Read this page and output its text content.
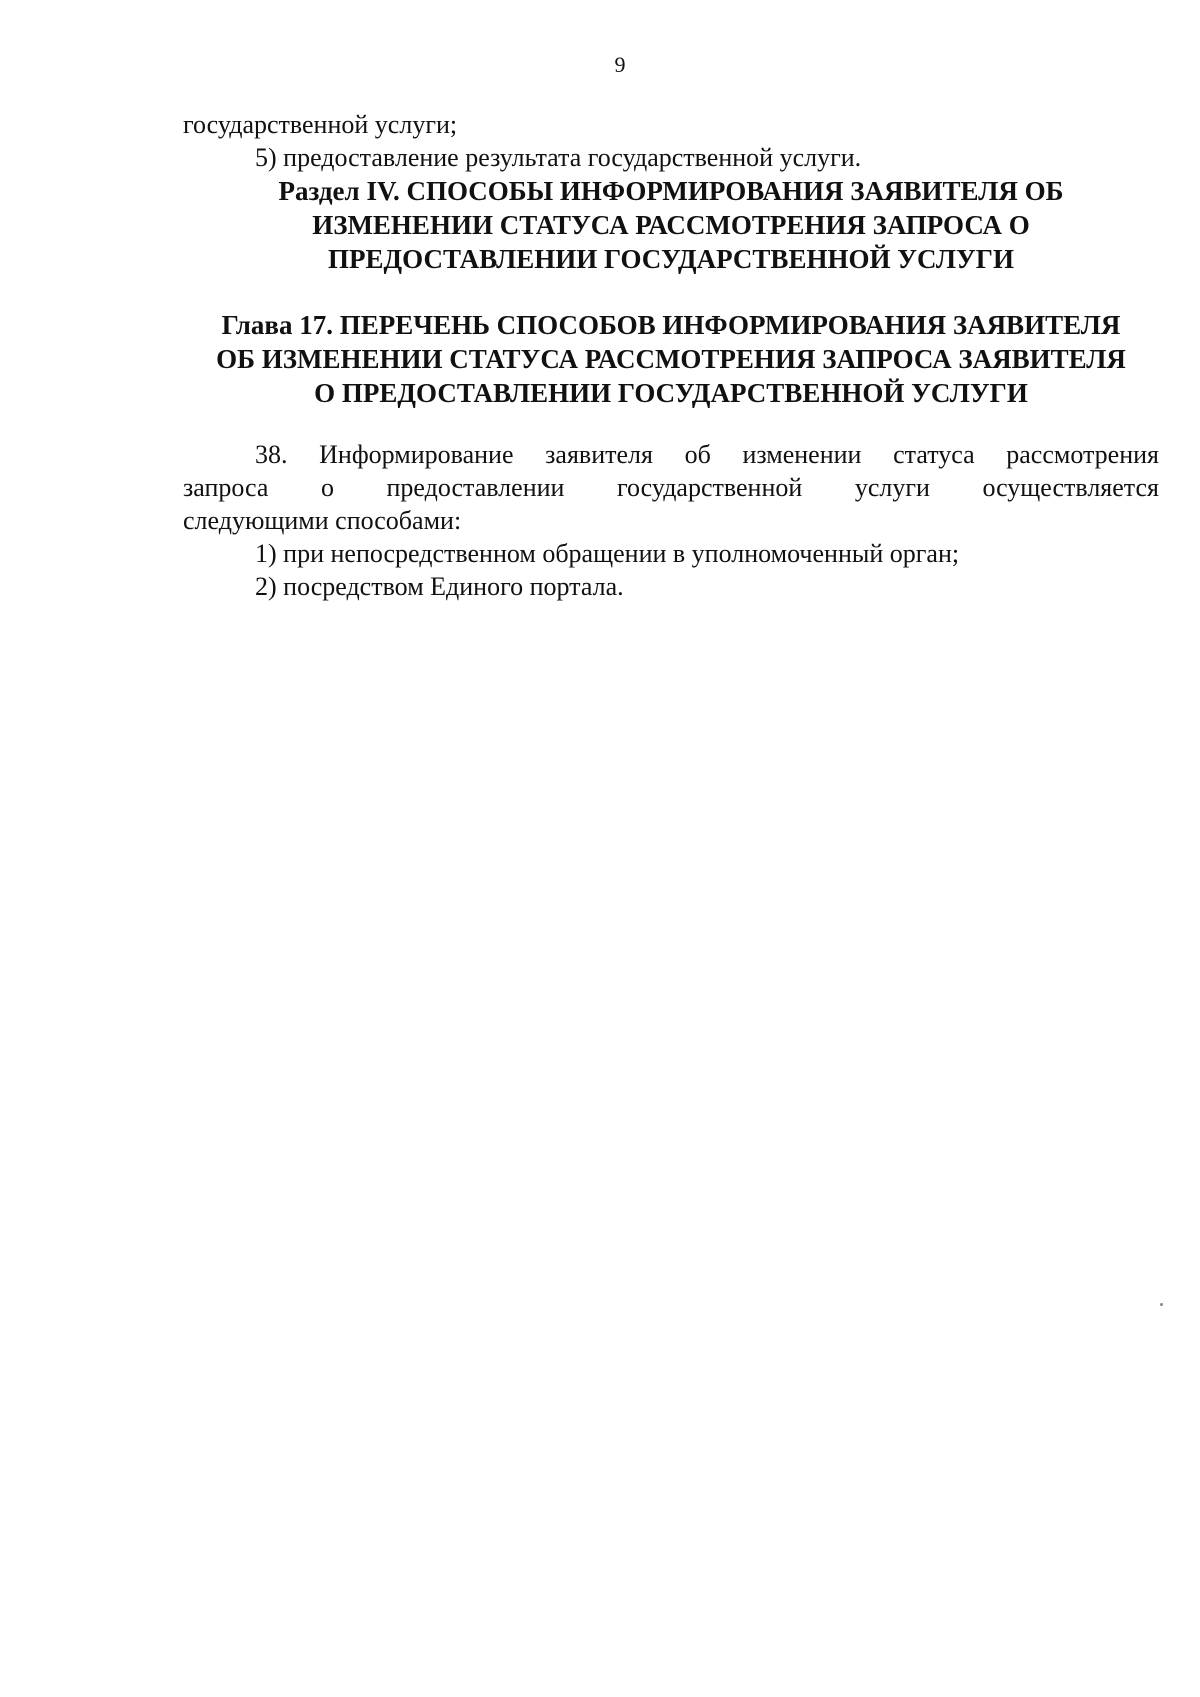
9
государственной услуги;
5) предоставление результата государственной услуги.
Раздел IV. СПОСОБЫ ИНФОРМИРОВАНИЯ ЗАЯВИТЕЛЯ ОБ
ИЗМЕНЕНИИ СТАТУСА РАССМОТРЕНИЯ ЗАПРОСА О
ПРЕДОСТАВЛЕНИИ ГОСУДАРСТВЕННОЙ УСЛУГИ
Глава 17. ПЕРЕЧЕНЬ СПОСОБОВ ИНФОРМИРОВАНИЯ ЗАЯВИТЕЛЯ
ОБ ИЗМЕНЕНИИ СТАТУСА РАССМОТРЕНИЯ ЗАПРОСА ЗАЯВИТЕЛЯ
О ПРЕДОСТАВЛЕНИИ ГОСУДАРСТВЕННОЙ УСЛУГИ
38. Информирование заявителя об изменении статуса рассмотрения
запроса о предоставлении государственной услуги осуществляется
следующими способами:
1) при непосредственном обращении в уполномоченный орган;
2) посредством Единого портала.
